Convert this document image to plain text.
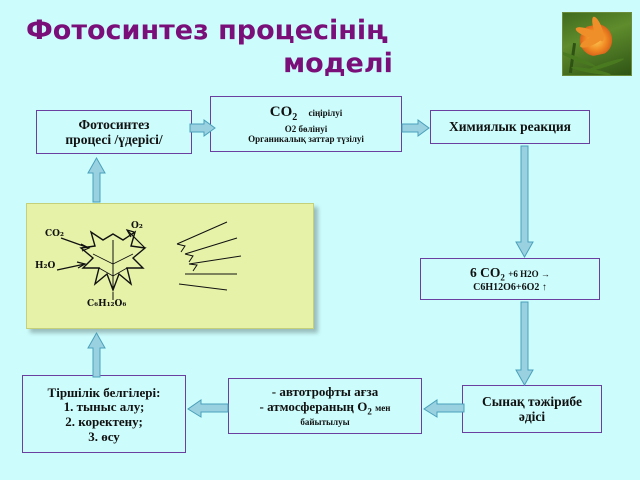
Фотосинтез процесінің
моделі
Фотосинтез
процесі /үдерісі/
$CO_2$ сіңірілуі
O2 бөлінуі
Органикалық заттар түзілуі
Химиялык реакция
6 $CO_2 +6$ H2O →
C6H12O6+6O2 ↑
Сынақ тәжірибе
әдісі
- автотрофты ағза
- атмосфераның $O_2$ мен
байытылуы
Тіршілік белгілері:
1. тыныс алу;
2. коректену;
3. өсу
CO₂
H₂O
O₂
C₆H₁₂O₆
